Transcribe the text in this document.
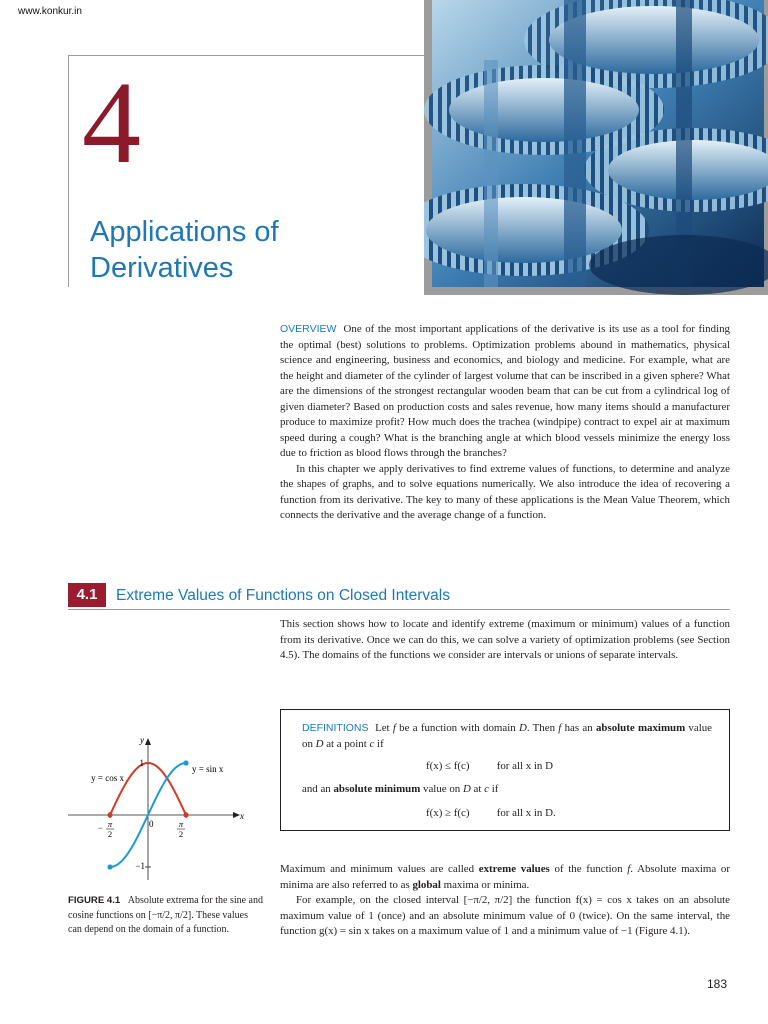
www.konkur.in
4
Applications of
Derivatives

OVERVIEW One of the most important applications of the derivative is its use as a tool for finding the optimal (best) solutions to problems. Optimization problems abound in mathematics, physical science and engineering, business and economics, and biology and medicine. For example, what are the height and diameter of the cylinder of largest volume that can be inscribed in a given sphere? What are the dimensions of the strongest rectangular wooden beam that can be cut from a cylindrical log of given diameter? Based on production costs and sales revenue, how many items should a manufacturer produce to maximize profit? How much does the trachea (windpipe) contract to expel air at maximum speed during a cough? What is the branching angle at which blood vessels minimize the energy loss due to friction as blood flows through the branches?

In this chapter we apply derivatives to find extreme values of functions, to determine and analyze the shapes of graphs, and to solve equations numerically. We also introduce the idea of recovering a function from its derivative. The key to many of these applications is the Mean Value Theorem, which connects the derivative and the average change of a function.

4.1	Extreme Values of Functions on Closed Intervals
This section shows how to locate and identify extreme (maximum or minimum) values of a function from its derivative. Once we can do this, we can solve a variety of optimization problems (see Section 4.5). The domains of the functions we consider are intervals or unions of separate intervals.
DEFINITIONS Let f be a function with domain D. Then f has an absolute maximum value on D at a point c if
f(x) ≤ f(c)          for all x in D
and an absolute minimum value on D at c if
f(x) ≥ f(c)          for all x in D.
y
x
1
−1
0
− π
2
π
2
y = cos x
y = sin x
FIGURE 4.1 Absolute extrema for the sine and cosine functions on [−π/2, π/2]. These values can depend on the domain of a function.

Maximum and minimum values are called extreme values of the function f. Absolute maxima or minima are also referred to as global maxima or minima.

For example, on the closed interval [−π/2, π/2] the function f(x) = cos x takes on an absolute maximum value of 1 (once) and an absolute minimum value of 0 (twice). On the same interval, the function g(x) = sin x takes on a maximum value of 1 and a minimum value of −1 (Figure 4.1).

183
